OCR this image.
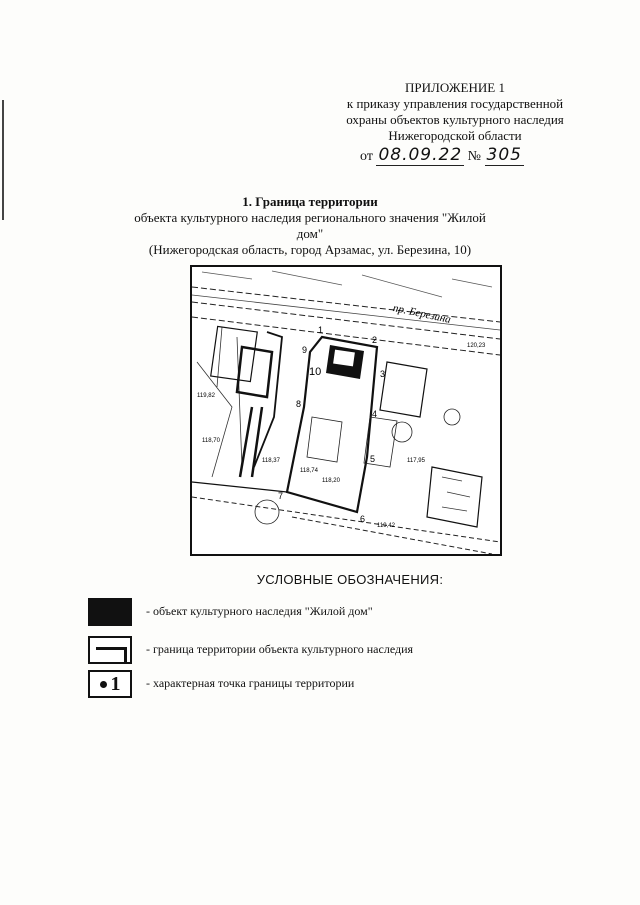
ПРИЛОЖЕНИЕ 1
к приказу управления государственной
охраны объектов культурного наследия
Нижегородской области
от 08.09.22 № 305
1. Граница территории
объекта культурного наследия регионального значения "Жилой дом"
(Нижегородская область, город Арзамас, ул. Березина, 10)
пр. Березина
10
1
2
3
4
5
6
7
8
9	120,23
119,82
118,70
118,37	117,95
119,42
118,74
118,20
УСЛОВНЫЕ ОБОЗНАЧЕНИЯ:
- объект культурного наследия "Жилой дом"
- граница территории объекта культурного наследия
1 - характерная точка границы территории
